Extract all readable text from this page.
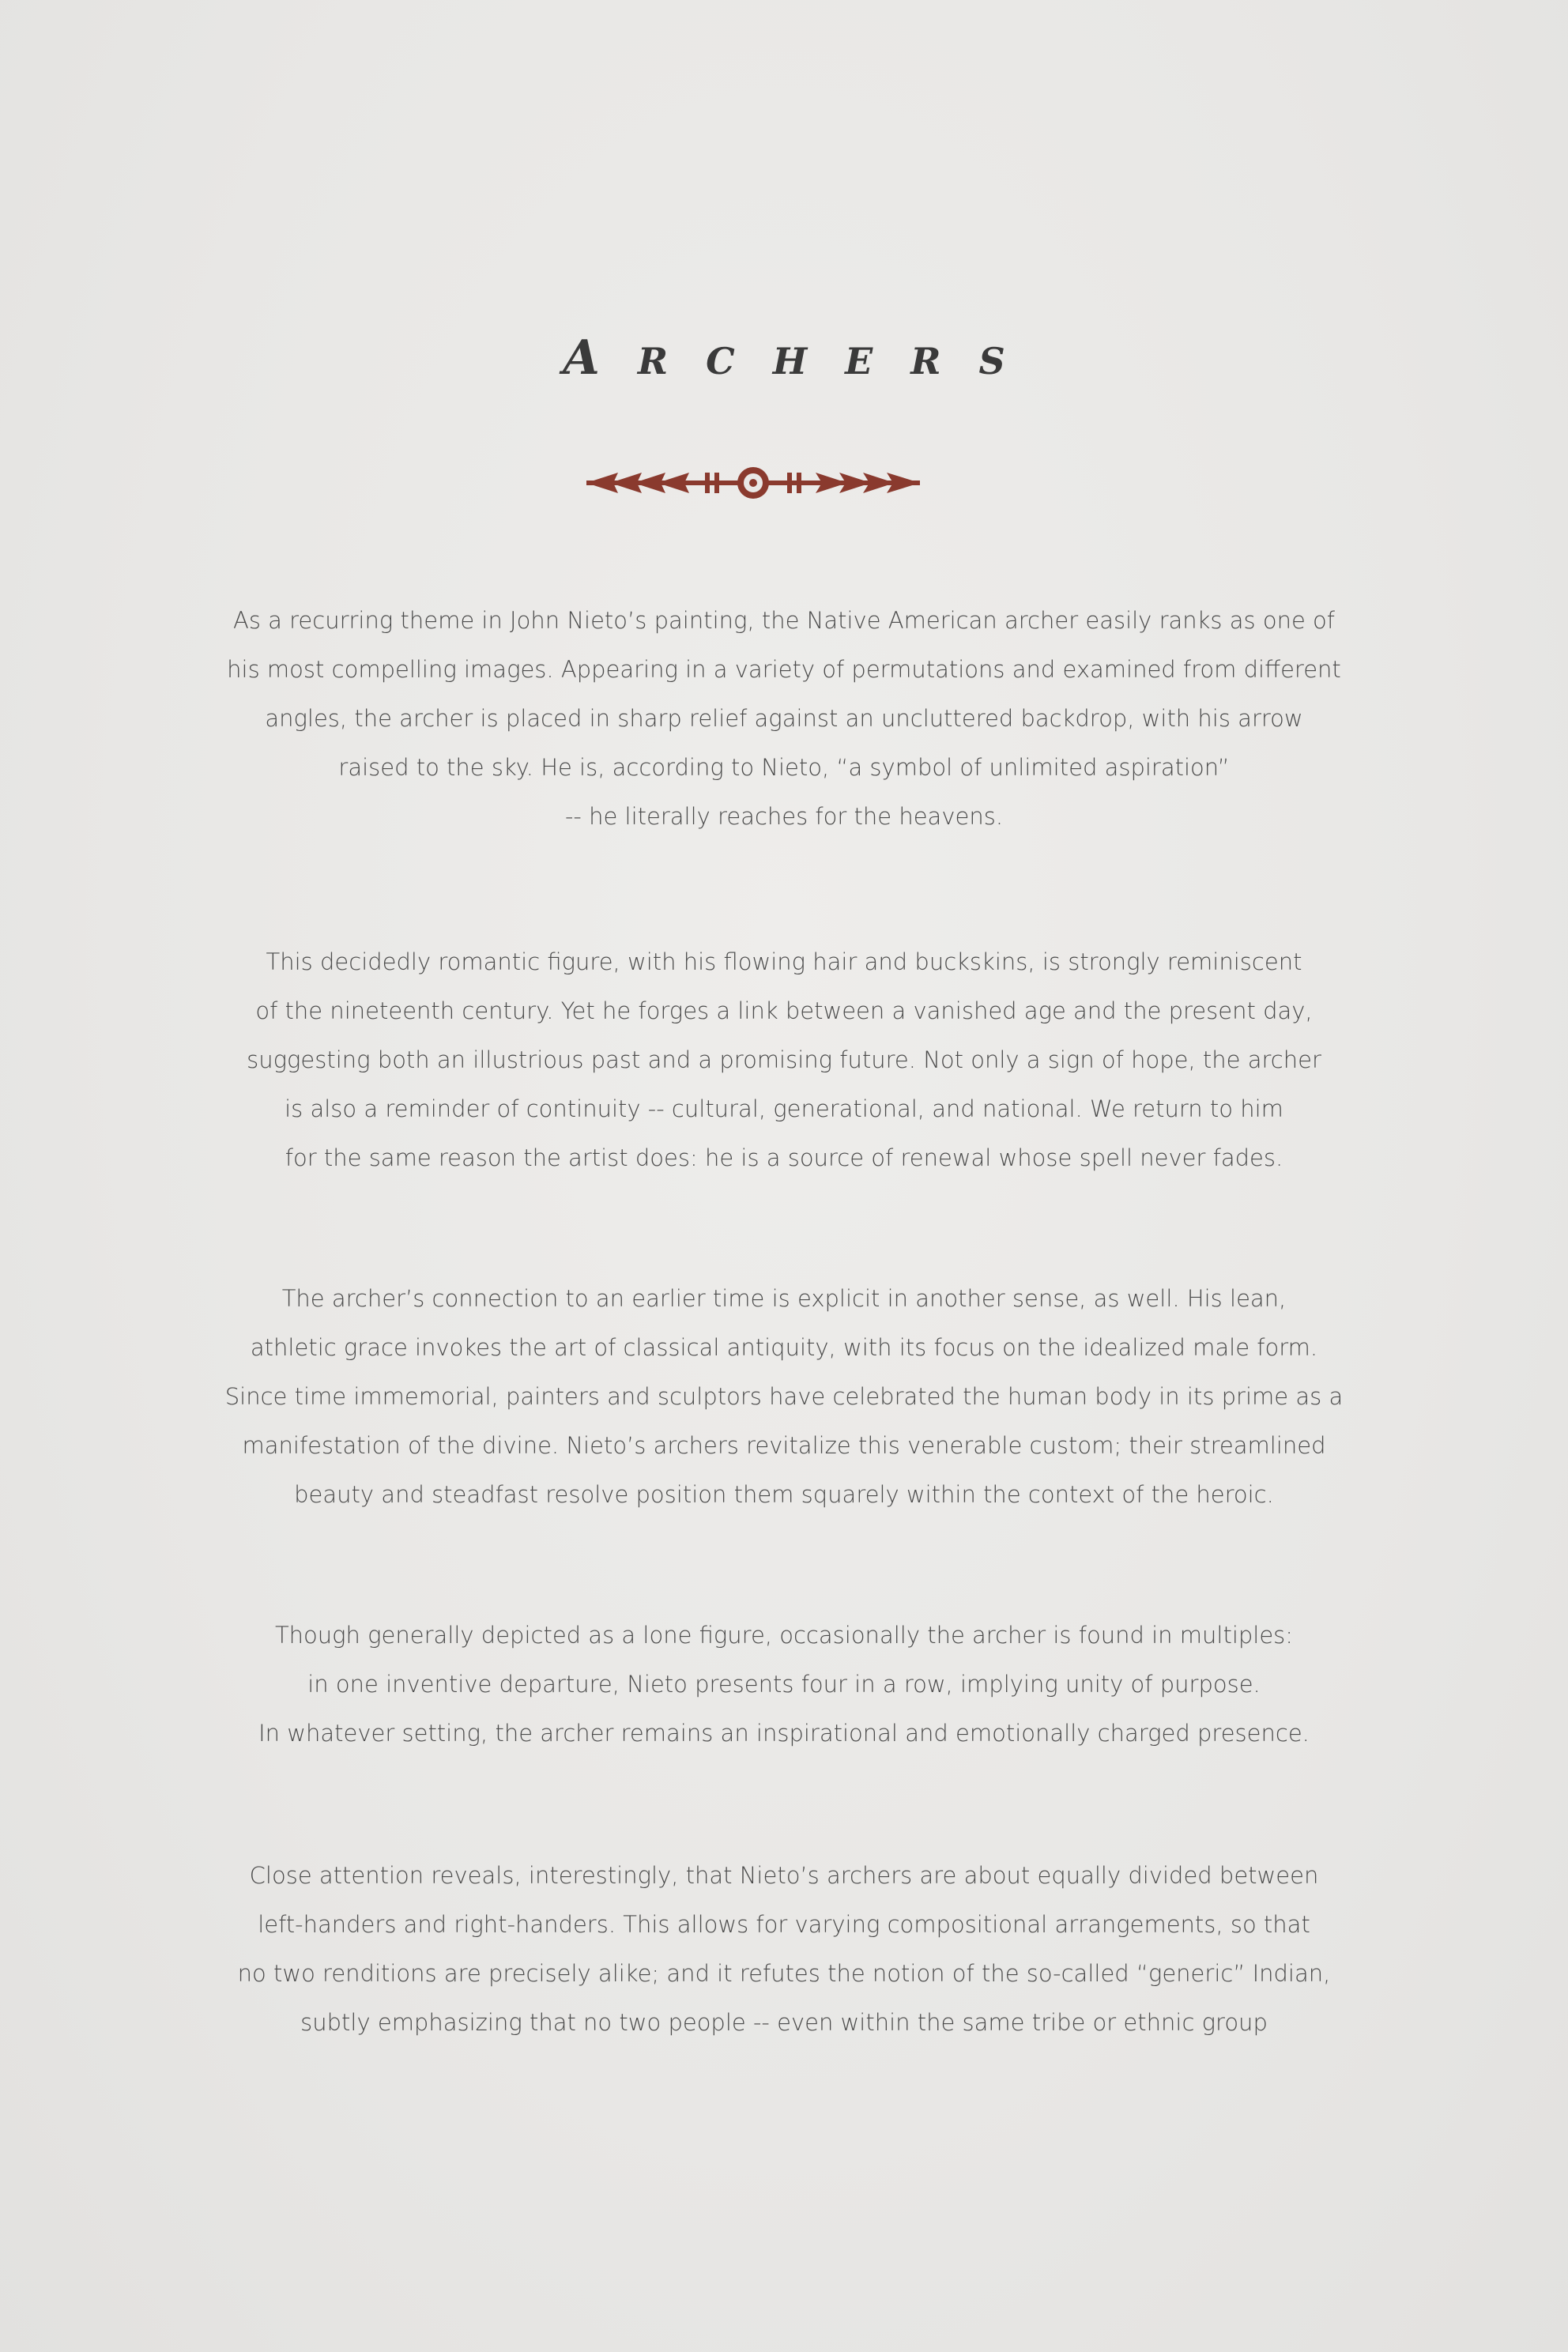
A R C H E R S

As a recurring theme in John Nieto’s painting, the Native American archer easily ranks as one of
his most compelling images. Appearing in a variety of permutations and examined from different
angles, the archer is placed in sharp relief against an uncluttered backdrop, with his arrow
raised to the sky. He is, according to Nieto, “a symbol of unlimited aspiration”
-- he literally reaches for the heavens.

This decidedly romantic figure, with his flowing hair and buckskins, is strongly reminiscent
of the nineteenth century. Yet he forges a link between a vanished age and the present day,
suggesting both an illustrious past and a promising future. Not only a sign of hope, the archer
is also a reminder of continuity -- cultural, generational, and national. We return to him
for the same reason the artist does: he is a source of renewal whose spell never fades.

The archer’s connection to an earlier time is explicit in another sense, as well. His lean,
athletic grace invokes the art of classical antiquity, with its focus on the idealized male form.
Since time immemorial, painters and sculptors have celebrated the human body in its prime as a
manifestation of the divine. Nieto’s archers revitalize this venerable custom; their streamlined
beauty and steadfast resolve position them squarely within the context of the heroic.

Though generally depicted as a lone figure, occasionally the archer is found in multiples:
in one inventive departure, Nieto presents four in a row, implying unity of purpose.
In whatever setting, the archer remains an inspirational and emotionally charged presence.

Close attention reveals, interestingly, that Nieto’s archers are about equally divided between
left-handers and right-handers. This allows for varying compositional arrangements, so that
no two renditions are precisely alike; and it refutes the notion of the so-called “generic” Indian,
subtly emphasizing that no two people -- even within the same tribe or ethnic group
